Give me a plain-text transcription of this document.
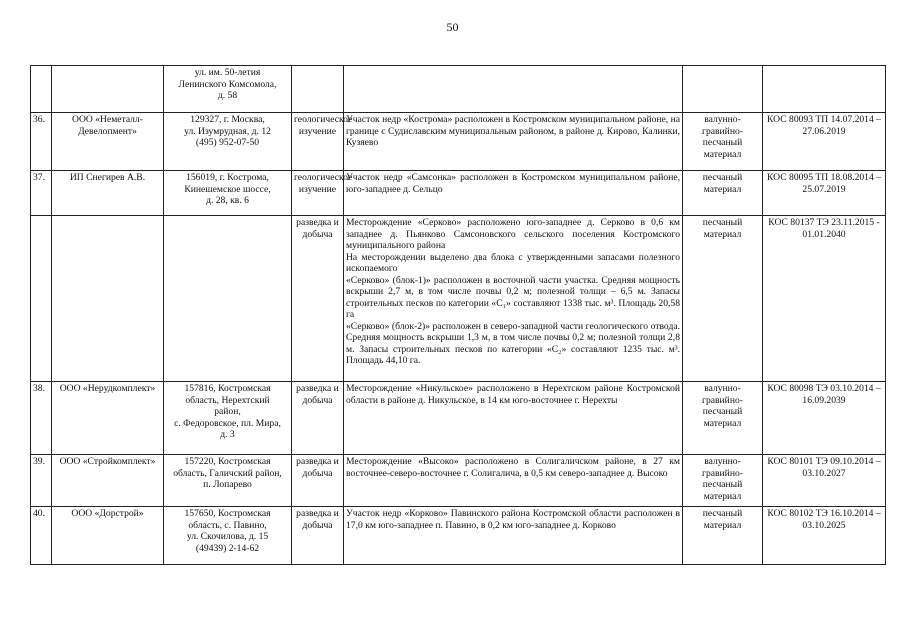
50

		ул. им. 50-летия
Ленинского Комсомола,
д. 58				

36.	ООО «Неметалл-Девелопмент»	129327, г. Москва,
ул. Изумрудная, д. 12
(495) 952-07-50	геологическое изучение	Участок недр «Кострома» расположен в Костромском муниципальном районе, на границе с Судиславским муниципальным районом, в районе д. Кирово, Калинки, Кузяево	валунно-гравийно-песчаный материал	КОС 80093 ТП 14.07.2014 – 27.06.2019
37.	ИП Снегирев А.В.	156019, г. Кострома,
Кинешемское шоссе,
д. 28, кв. 6	геологическое изучение	Участок недр «Самсонка» расположен в Костромском муниципальном районе, юго-западнее д. Сельцо	песчаный материал	КОС 80095 ТП 18.08.2014 – 25.07.2019
			разведка и добыча	Месторождение «Серково» расположено юго-западнее д. Серково в 0,6 км западнее д. Пьянково Самсоновского сельского поселения Костромского муниципального района
На месторождении выделено два блока с утвержденными запасами полезного ископаемого
«Серково» (блок-1)» расположен в восточной части участка. Средняя мощность вскрыши 2,7 м, в том числе почвы 0,2 м; полезной толщи – 6,5 м. Запасы строительных песков по категории «C₁» составляют 1338 тыс. м³. Площадь 20,58 га
«Серково» (блок-2)» расположен в северо-западной части геологического отвода. Средняя мощность вскрыши 1,3 м, в том числе почвы 0,2 м; полезной толщи 2,8 м. Запасы строительных песков по категории «C₂» составляют 1235 тыс. м³. Площадь 44,10 га.	песчаный материал	КОС 80137 ТЭ 23.11.2015 - 01.01.2040
38.	ООО «Нерудкомплект»	157816, Костромская
область, Нерехтский
район,
с. Федоровское, пл. Мира,
д. 3	разведка и добыча	Месторождение «Никульское» расположено в Нерехтском районе Костромской области в районе д. Никульское, в 14 км юго-восточнее г. Нерехты	валунно-гравийно-песчаный материал	КОС 80098 ТЭ 03.10.2014 – 16.09.2039
39.	ООО «Стройкомплект»	157220, Костромская
область, Галичский район,
п. Лопарево	разведка и добыча	Месторождение «Высоко» расположено в Солигаличском районе, в 27 км восточнее-северо-восточнее г. Солигалича, в 0,5 км северо-западнее д. Высоко	валунно-гравийно-песчаный материал	КОС 80101 ТЭ 09.10.2014 – 03.10.2027
40.	ООО «Дорстрой»	157650, Костромская
область, с. Павино,
ул. Скочилова, д. 15
(49439) 2-14-62	разведка и добыча	Участок недр «Корково» Павинского района Костромской области расположен в 17,0 км юго-западнее п. Павино, в 0,2 км юго-западнее д. Корково	песчаный материал	КОС 80102 ТЭ 16.10.2014 – 03.10.2025
